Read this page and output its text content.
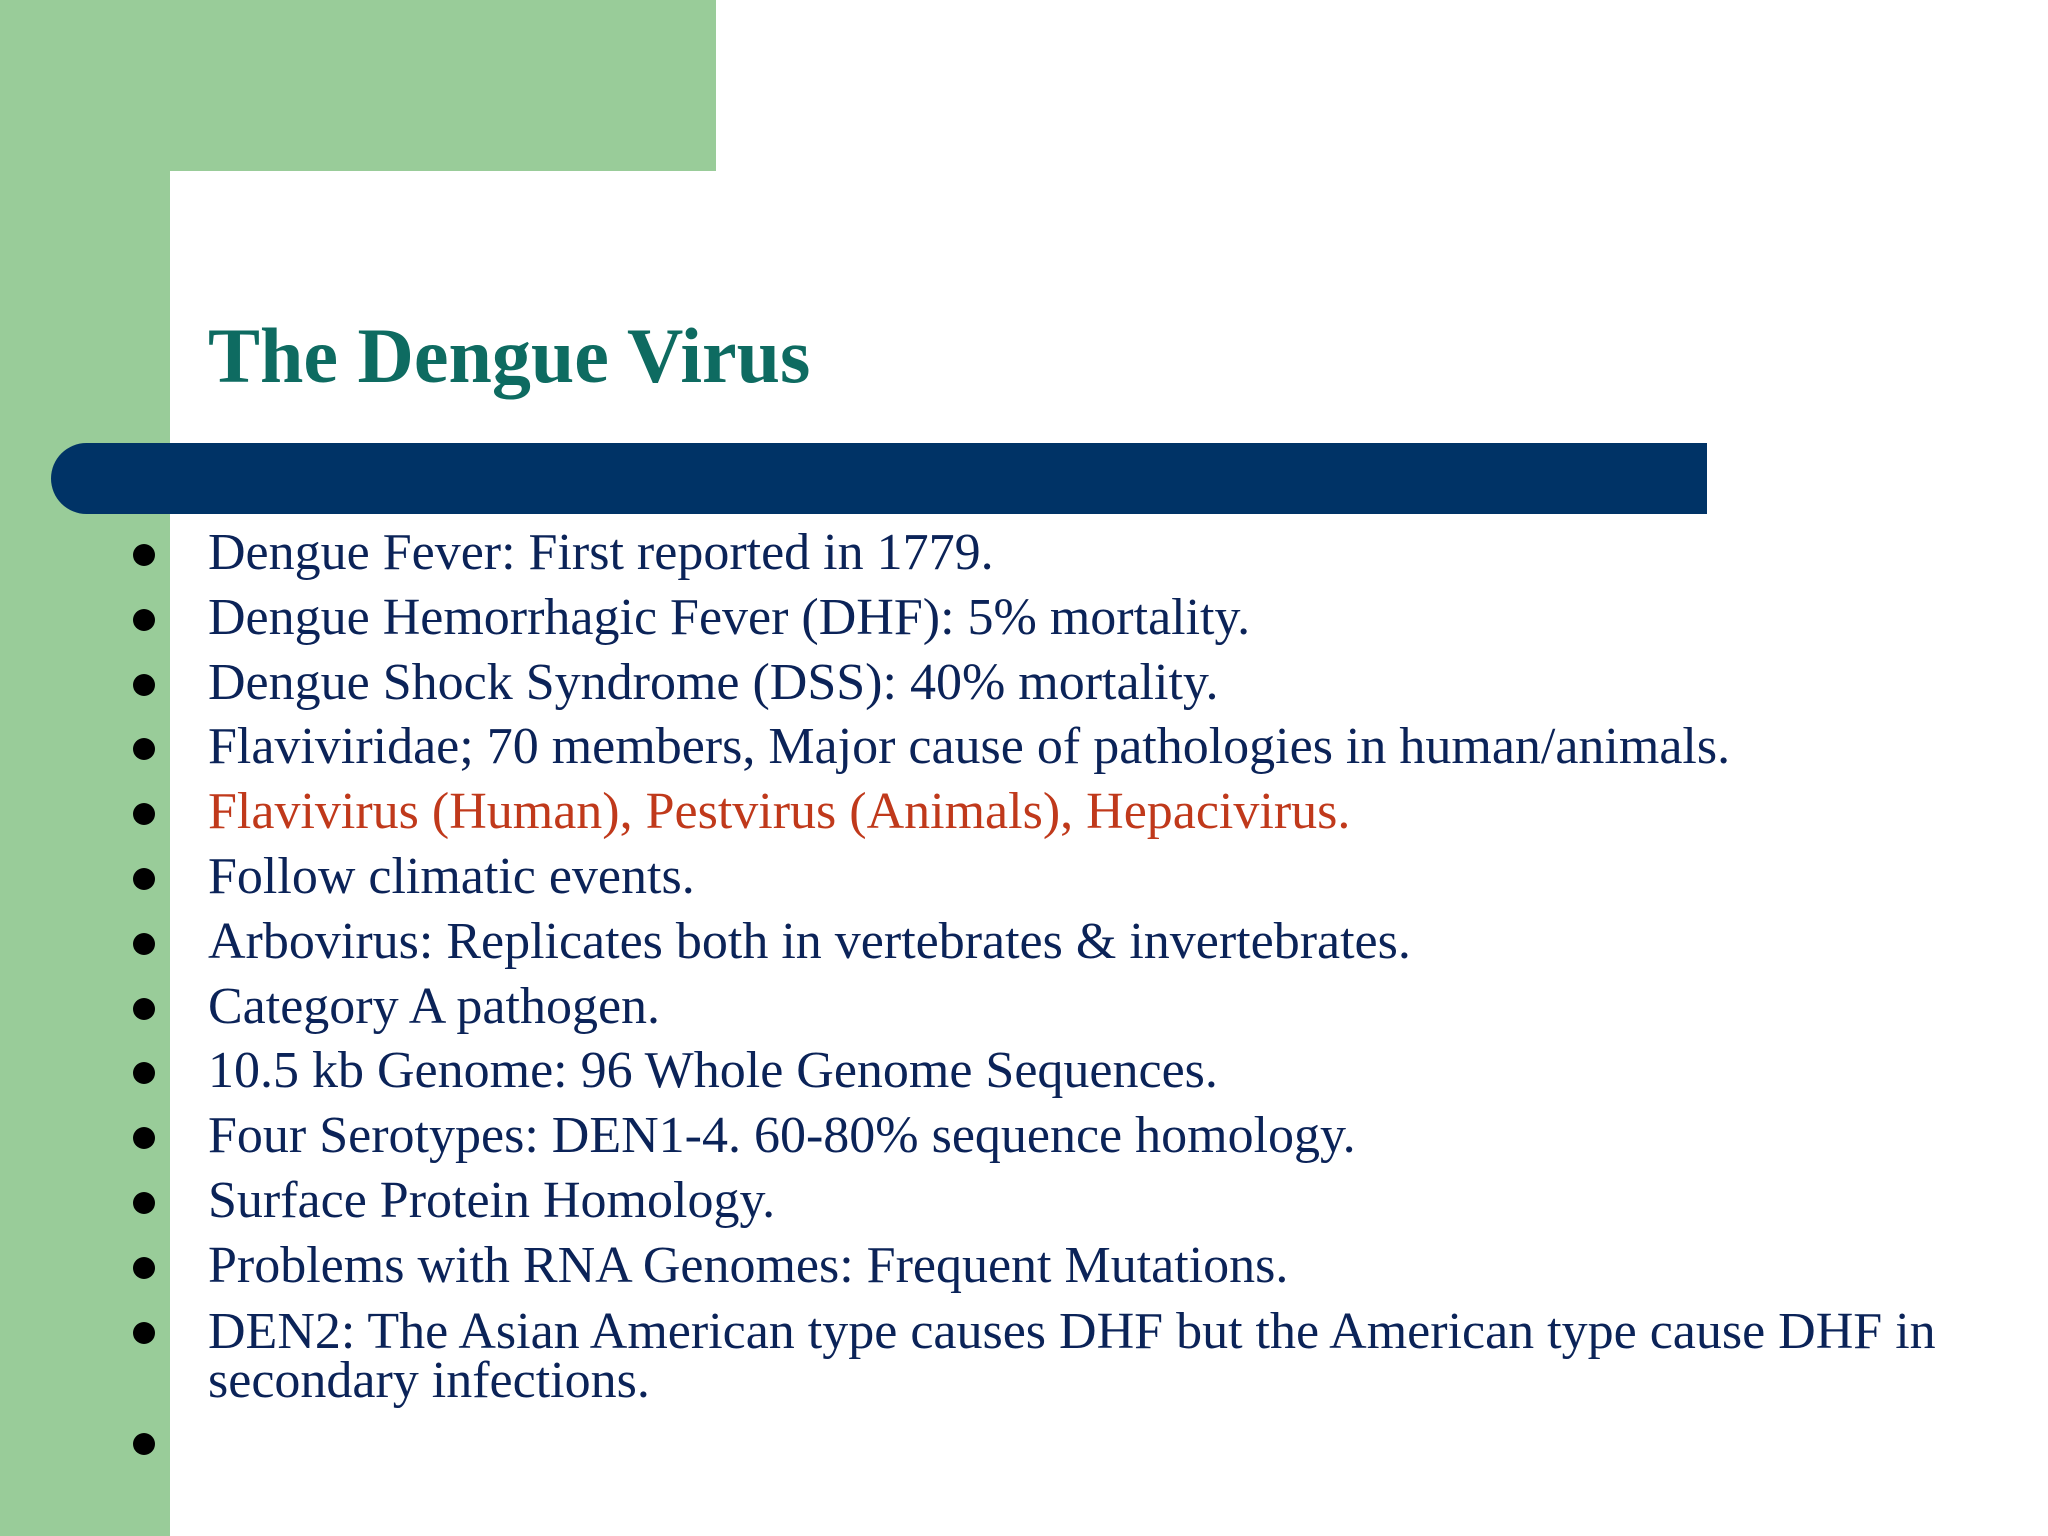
The Dengue Virus
Dengue Fever: First reported in 1779.
Dengue Hemorrhagic Fever (DHF): 5% mortality.
Dengue Shock Syndrome (DSS): 40% mortality.
Flaviviridae; 70 members, Major cause of pathologies in human/animals.
Flavivirus (Human), Pestvirus (Animals), Hepacivirus.
Follow climatic events.
Arbovirus: Replicates both in vertebrates & invertebrates.
Category A pathogen.
10.5 kb Genome: 96 Whole Genome Sequences.
Four Serotypes: DEN1-4. 60-80% sequence homology.
Surface Protein Homology.
Problems with RNA Genomes: Frequent Mutations.
DEN2: The Asian American type causes DHF but the American type cause DHF in secondary infections.
